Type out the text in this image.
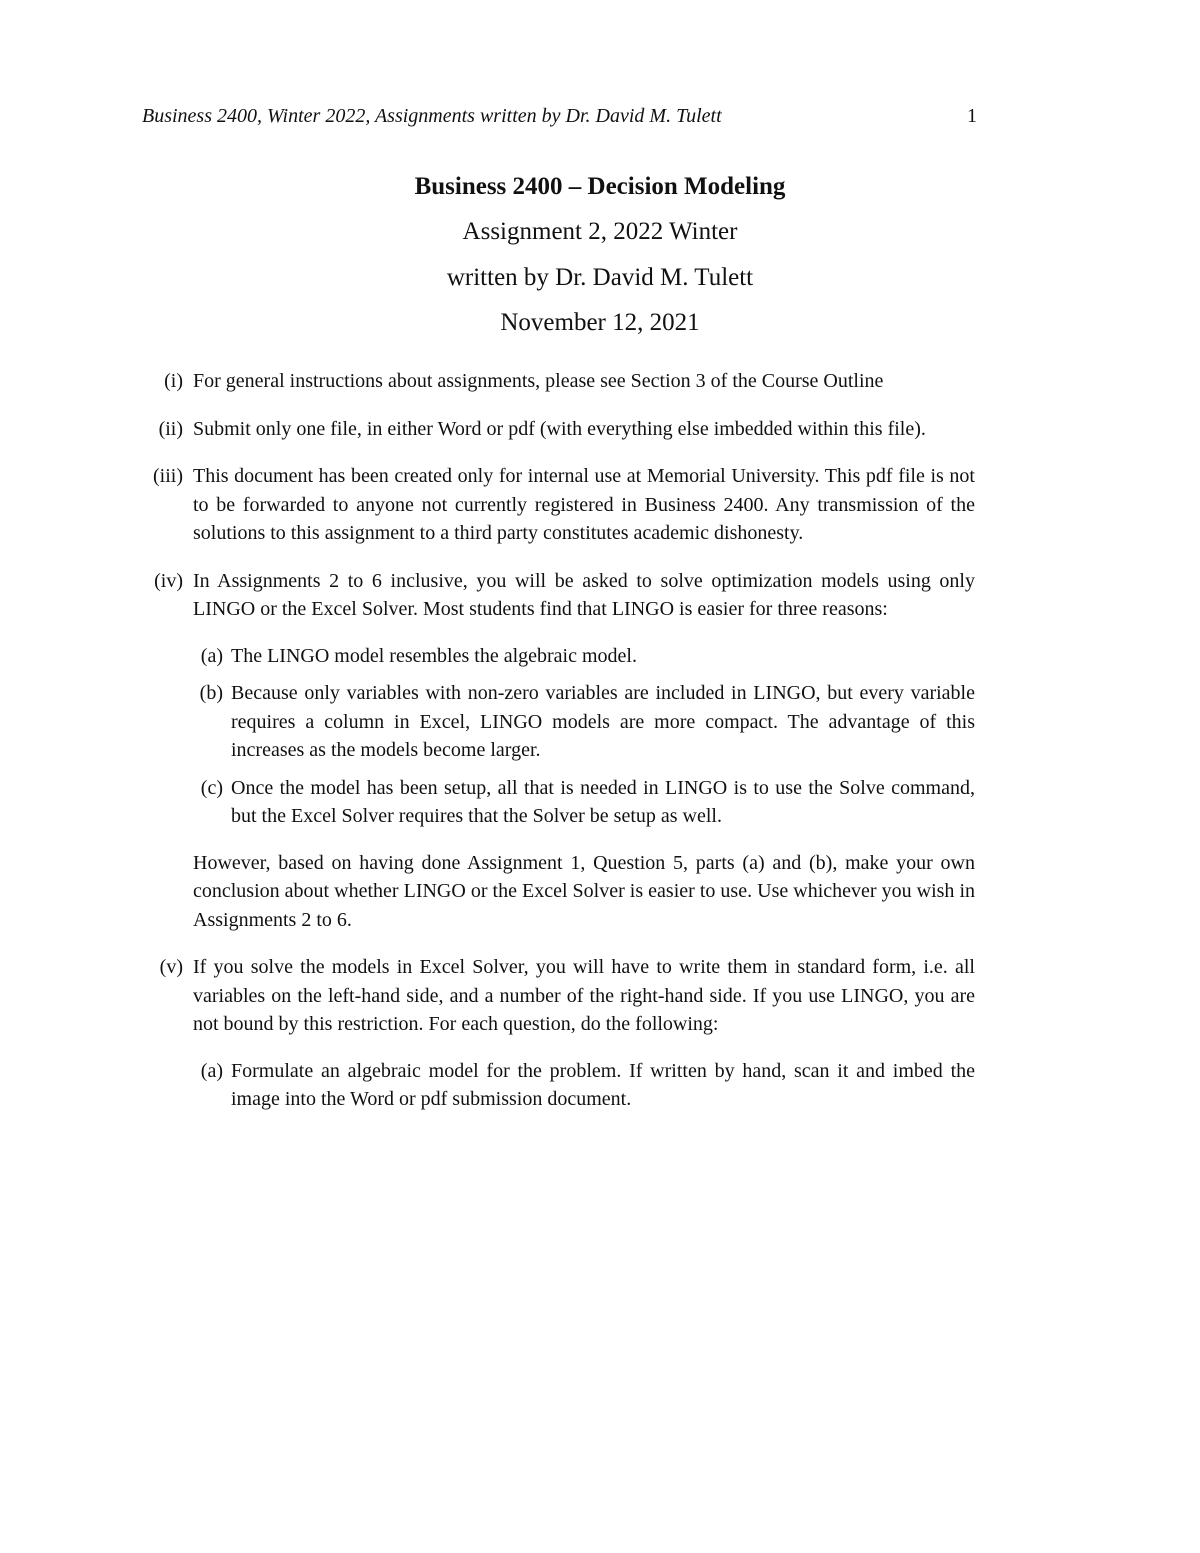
Business 2400, Winter 2022, Assignments written by Dr. David M. Tulett	1
Business 2400 – Decision Modeling
Assignment 2, 2022 Winter
written by Dr. David M. Tulett
November 12, 2021
(i) For general instructions about assignments, please see Section 3 of the Course Outline

(ii) Submit only one file, in either Word or pdf (with everything else imbedded within this file).

(iii) This document has been created only for internal use at Memorial University. This pdf file is not to be forwarded to anyone not currently registered in Business 2400. Any transmission of the solutions to this assignment to a third party constitutes academic dishonesty.

(iv) In Assignments 2 to 6 inclusive, you will be asked to solve optimization models using only LINGO or the Excel Solver. Most students find that LINGO is easier for three reasons:

(a) The LINGO model resembles the algebraic model.

(b) Because only variables with non-zero variables are included in LINGO, but every variable requires a column in Excel, LINGO models are more compact. The advantage of this increases as the models become larger.

(c) Once the model has been setup, all that is needed in LINGO is to use the Solve command, but the Excel Solver requires that the Solver be setup as well.

However, based on having done Assignment 1, Question 5, parts (a) and (b), make your own conclusion about whether LINGO or the Excel Solver is easier to use. Use whichever you wish in Assignments 2 to 6.

(v) If you solve the models in Excel Solver, you will have to write them in standard form, i.e. all variables on the left-hand side, and a number of the right-hand side. If you use LINGO, you are not bound by this restriction. For each question, do the following:

(a) Formulate an algebraic model for the problem. If written by hand, scan it and imbed the image into the Word or pdf submission document.
